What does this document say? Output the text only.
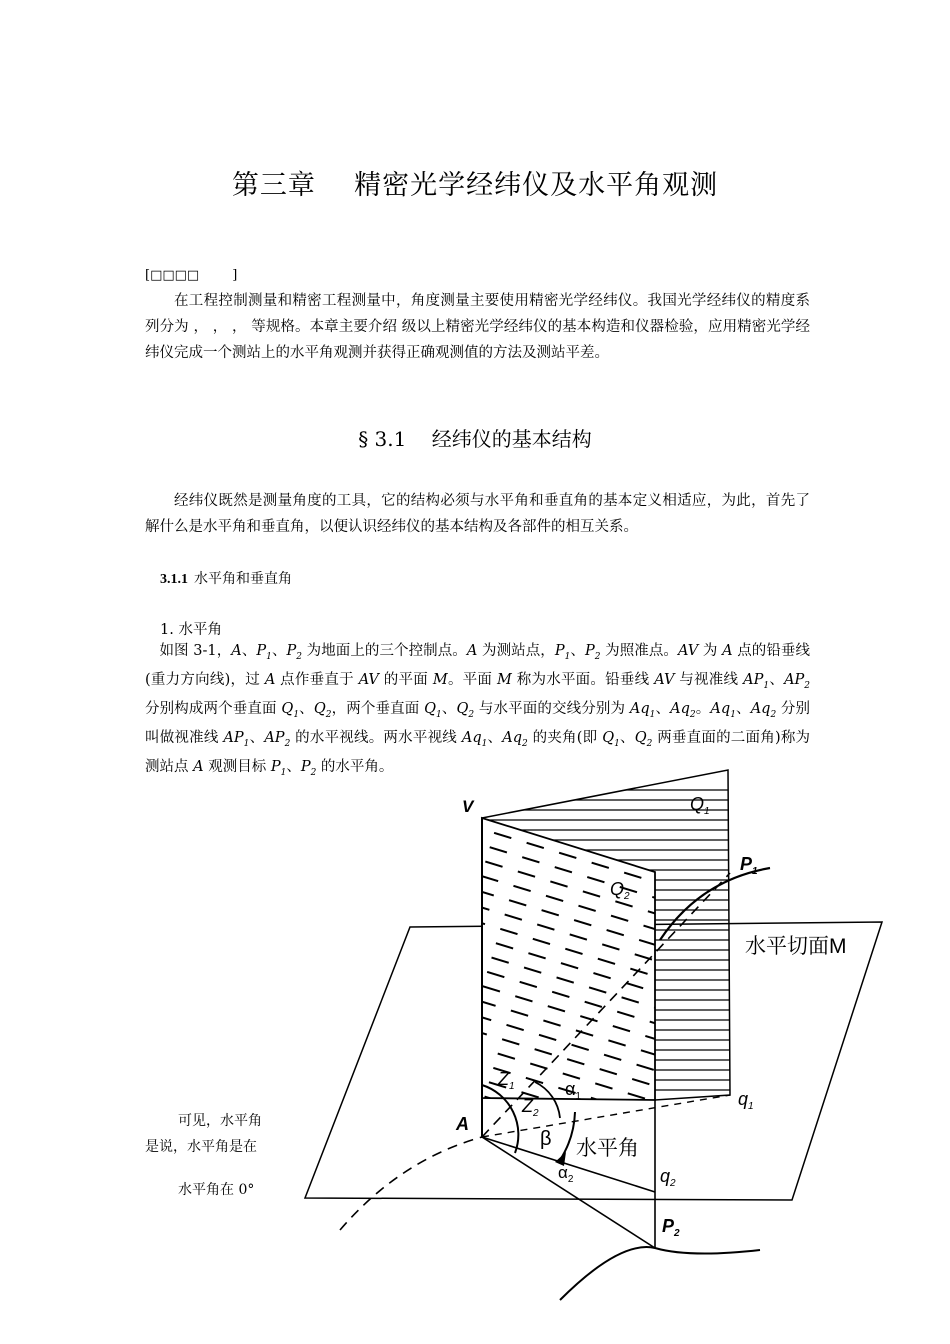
第三章    精密光学经纬仪及水平角观测
[□□□□        ]
在工程控制测量和精密工程测量中，角度测量主要使用精密光学经纬仪。我国光学经纬仪的精度系列分为 ， ， ， 等规格。本章主要介绍 级以上精密光学经纬仪的基本构造和仪器检验，应用精密光学经纬仪完成一个测站上的水平角观测并获得正确观测值的方法及测站平差。
§ 3.1    经纬仪的基本结构
经纬仪既然是测量角度的工具，它的结构必须与水平角和垂直角的基本定义相适应，为此，首先了解什么是水平角和垂直角，以便认识经纬仪的基本结构及各部件的相互关系。
3.1.1 水平角和垂直角
1. 水平角
如图 3-1，A、$P_1$、$P_2$ 为地面上的三个控制点。A 为测站点，$P_1$、$P_2$ 为照准点。AV 为 A 点的铅垂线(重力方向线)，过 A 点作垂直于 AV 的平面 M。平面 M 称为水平面。铅垂线 AV 与视准线 $AP_1$、$AP_2$ 分别构成两个垂直面 $Q_1$、$Q_2$，两个垂直面 $Q_1$、$Q_2$ 与水平面的交线分别为 $Aq_1$、$Aq_2$。$Aq_1$、$Aq_2$ 分别叫做视准线 $AP_1$、$AP_2$ 的水平视线。两水平视线 $Aq_1$、$Aq_2$ 的夹角(即 $Q_1$、$Q_2$ 两垂直面的二面角)称为测站点 A 观测目标 $P_1$、$P_2$ 的水平角。
可见，水平角
是说，水平角是在
水平角在 0°
V	$Q_1$
$P_1$
$Q_2$
水平切面M
$Z_1$
$Z_2$
$\alpha_1$
β 水平角
A
$\alpha_2$
$q_1$
$q_2$
$P_2$
